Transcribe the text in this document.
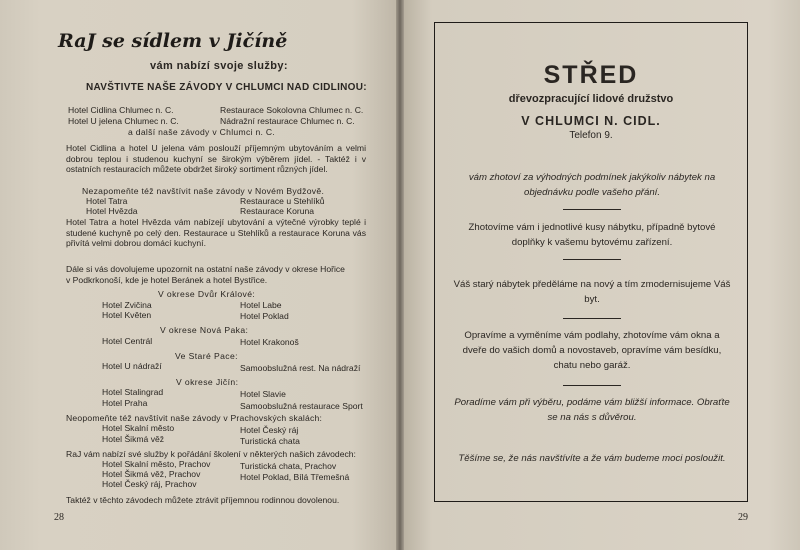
RaJ se sídlem v Jičíně
vám nabízí svoje služby:
NAVŠTIVTE NAŠE ZÁVODY V CHLUMCI NAD CIDLINOU:
Hotel Cidlina Chlumec n. C.	Restaurace Sokolovna Chlumec n. C.
Hotel U jelena Chlumec n. C.	Nádražní restaurace Chlumec n. C.
a další naše závody v Chlumci n. C.
Hotel Cidlina a hotel U jelena vám poslouží příjemným ubytováním a velmi dobrou teplou i studenou kuchyní se širokým výběrem jídel. - Taktéž i v ostatních restauracích můžete obdržet široký sortiment různých jídel.
Nezapomeňte též navštívit naše závody v Novém Bydžově.
Hotel Tatra	Restaurace u Stehlíků
Hotel Hvězda	Restaurace Koruna
Hotel Tatra a hotel Hvězda vám nabízejí ubytování a výtečné výrobky teplé i studené kuchyně po celý den. Restaurace u Stehlíků a restaurace Koruna vás přivítá velmi dobrou domácí kuchyní.
Dále si vás dovolujeme upozornit na ostatní naše závody v okrese Hořice
v Podkrkonoší, kde je hotel Beránek a hotel Bystřice.
V okrese Dvůr Králové:
Hotel Zvičina	Hotel Labe
Hotel Květen	Hotel Poklad
V okrese Nová Paka:
Hotel Centrál	Hotel Krakonoš
Ve Staré Pace:
Hotel U nádraží	Samoobslužná rest. Na nádraží
V okrese Jičín:
Hotel Stalingrad	Hotel Slavie
Hotel Praha	Samoobslužná restaurace Sport
Neopomeňte též navštívit naše závody v Prachovských skalách:
Hotel Skalní město	Hotel Český ráj
Hotel Šikmá věž	Turistická chata
RaJ vám nabízí své služby k pořádání školení v některých našich závodech:
Hotel Skalní město, Prachov	Turistická chata, Prachov
Hotel Šikmá věž, Prachov	Hotel Poklad, Bílá Třemešná
Hotel Český ráj, Prachov
Taktéž v těchto závodech můžete ztrávit příjemnou rodinnou dovolenou.
28
STŘED
dřevozpracující lidové družstvo
V CHLUMCI N. CIDL.
Telefon 9.
vám zhotoví za výhodných podmínek jakýkoliv nábytek na objednávku podle vašeho přání.
Zhotovíme vám i jednotlivé kusy nábytku, případně bytové doplňky k vašemu bytovému zařízení.
Váš starý nábytek předěláme na nový a tím zmodernisujeme Váš byt.
Opravíme a vyměníme vám podlahy, zhotovíme vám okna a dveře do vašich domů a novostaveb, opravíme vám besídku, chatu nebo garáž.
Poradíme vám při výběru, podáme vám bližší informace. Obraťte se na nás s důvěrou.
Těšíme se, že nás navštívíte a že vám budeme moci posloužit.
29
